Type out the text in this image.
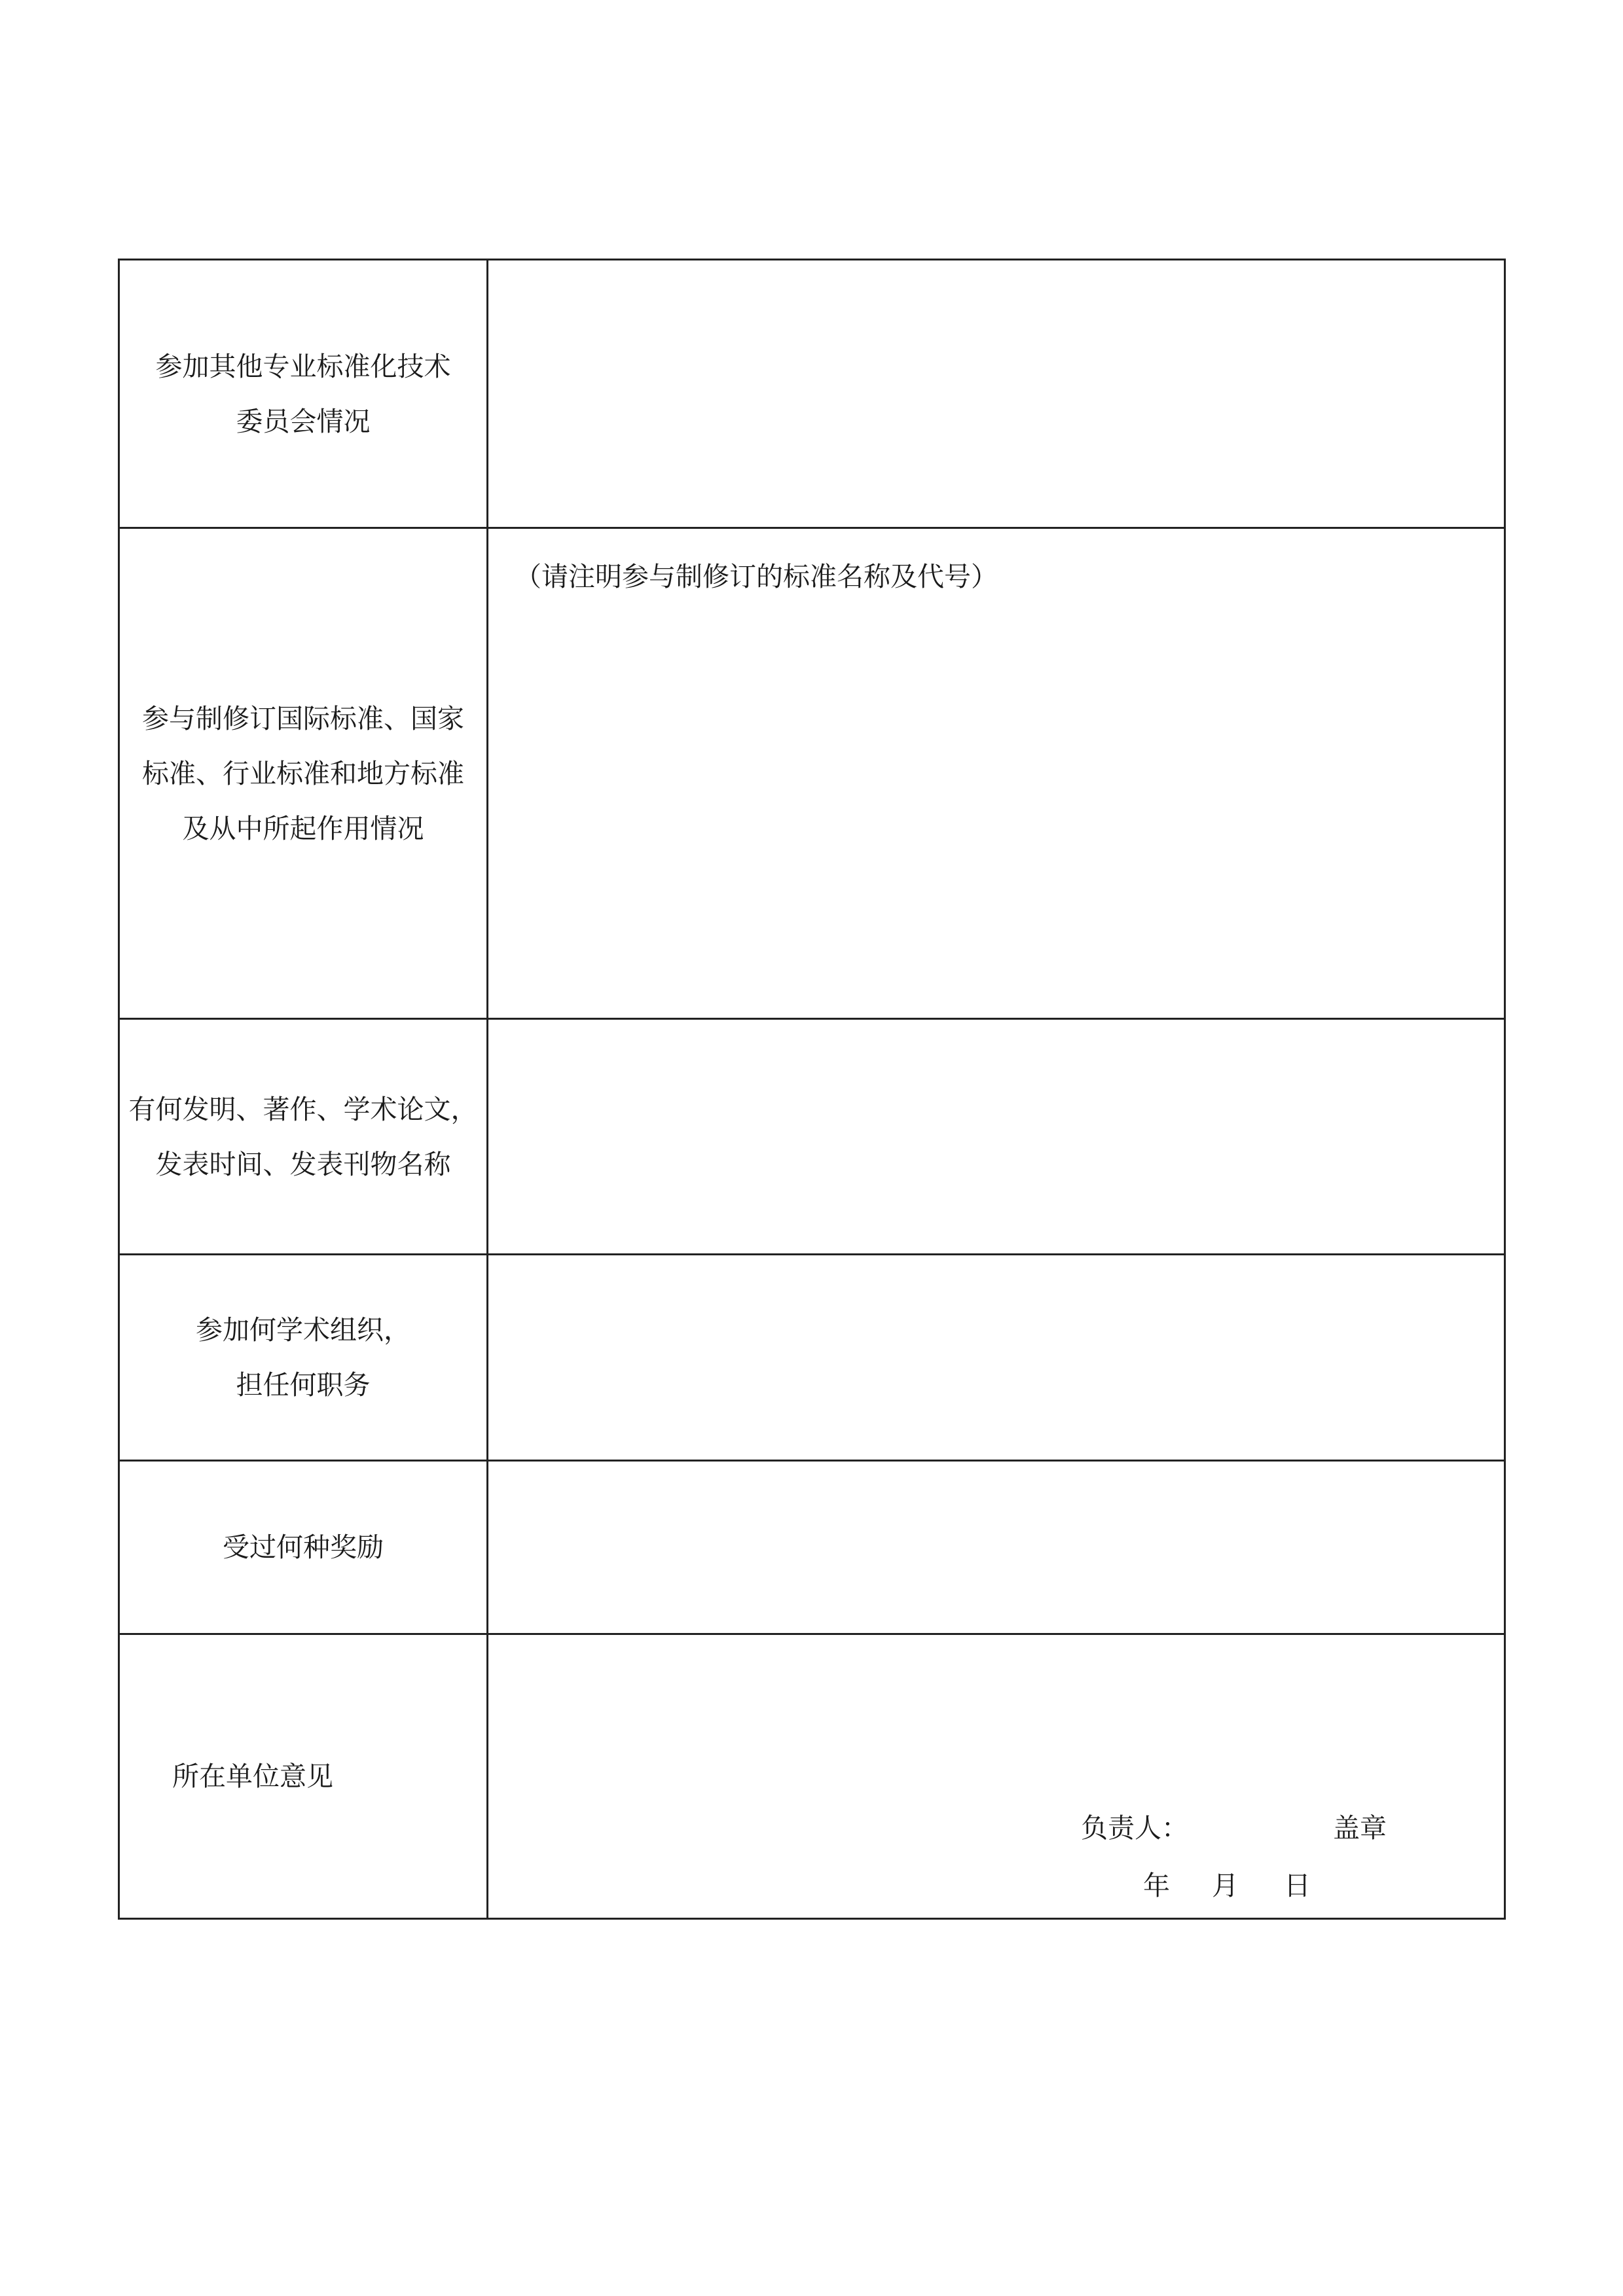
参加其他专业标准化技术
委员会情况	

参与制修订国际标准、国家
标准、行业标准和地方标准
及从中所起作用情况	（请注明参与制修订的标准名称及代号）

有何发明、著作、学术论文，
发表时间、发表刊物名称	

参加何学术组织，
担任何职务	

受过何种奖励	

所在单位意见	负责人： 盖章
年 月 日
